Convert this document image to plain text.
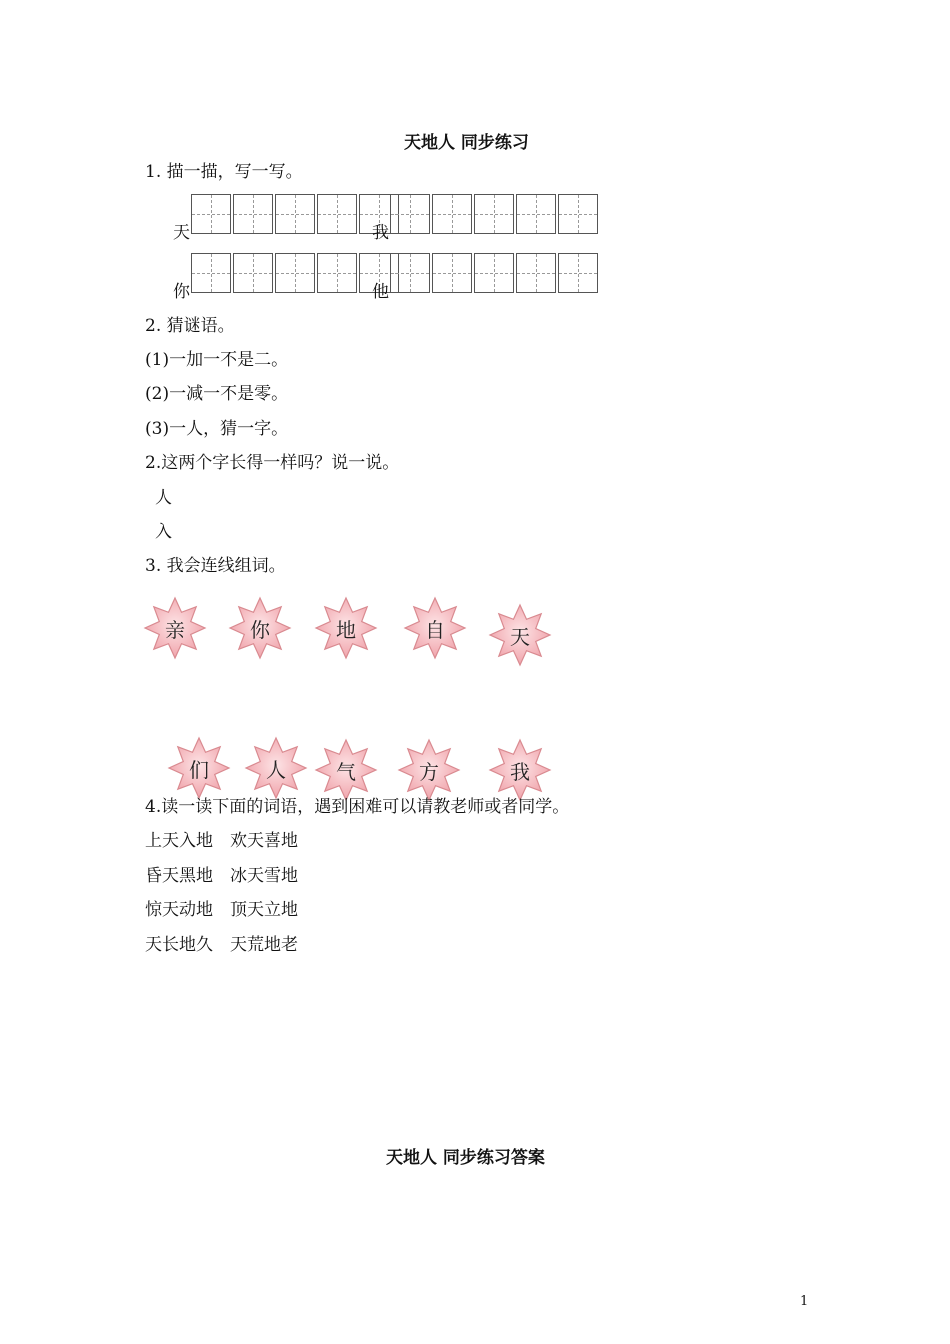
天地人 同步练习
1. 描一描，写一写。
天	我
你	他
2. 猜谜语。
(1)一加一不是二。
(2)一减一不是零。
(3)一人，猜一字。
2.这两个字长得一样吗？说一说。
人
入
3. 我会连线组词。
亲	你	地	自	天
们	人	气	方	我
4.读一读下面的词语，遇到困难可以请教老师或者同学。
上天入地　欢天喜地
昏天黑地　冰天雪地
惊天动地　顶天立地
天长地久　天荒地老
天地人 同步练习答案
1
